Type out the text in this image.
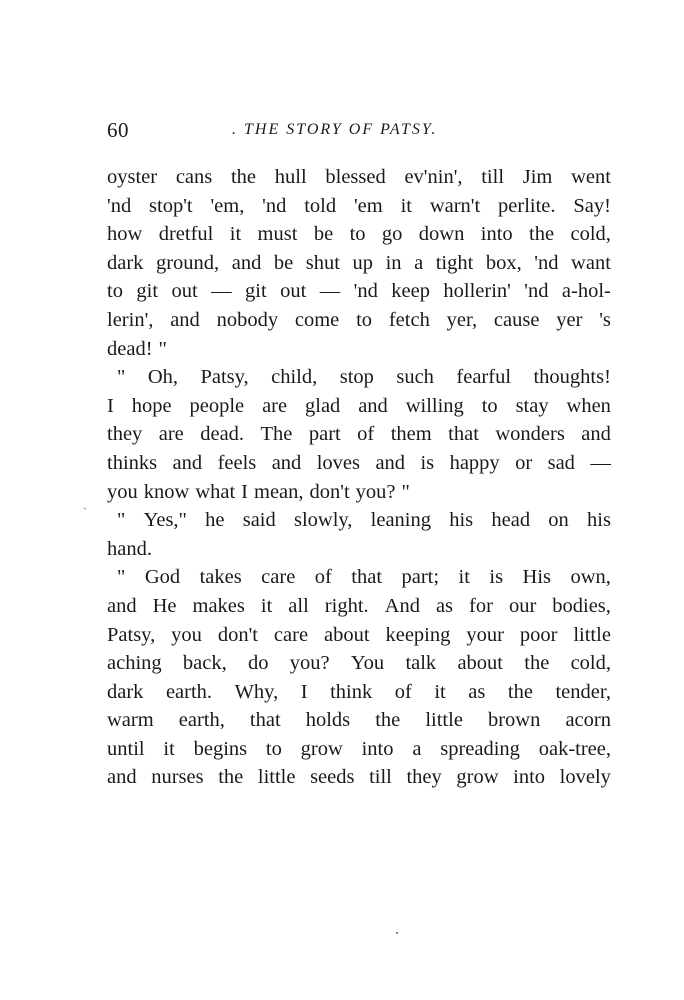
60	. THE STORY OF PATSY.
oyster cans the hull blessed ev'nin', till Jim went
'nd stop't 'em, 'nd told 'em it warn't perlite. Say!
how dretful it must be to go down into the cold,
dark ground, and be shut up in a tight box, 'nd want
to git out — git out — 'nd keep hollerin' 'nd a-hol-
lerin', and nobody come to fetch yer, cause yer 's
dead! "
" Oh, Patsy, child, stop such fearful thoughts!
I hope people are glad and willing to stay when
they are dead. The part of them that wonders and
thinks and feels and loves and is happy or sad —
you know what I mean, don't you? "
" Yes," he said slowly, leaning his head on his
hand.
" God takes care of that part; it is His own,
and He makes it all right. And as for our bodies,
Patsy, you don't care about keeping your poor little
aching back, do you? You talk about the cold,
dark earth. Why, I think of it as the tender,
warm earth, that holds the little brown acorn
until it begins to grow into a spreading oak-tree,
and nurses the little seeds till they grow into lovely
`
